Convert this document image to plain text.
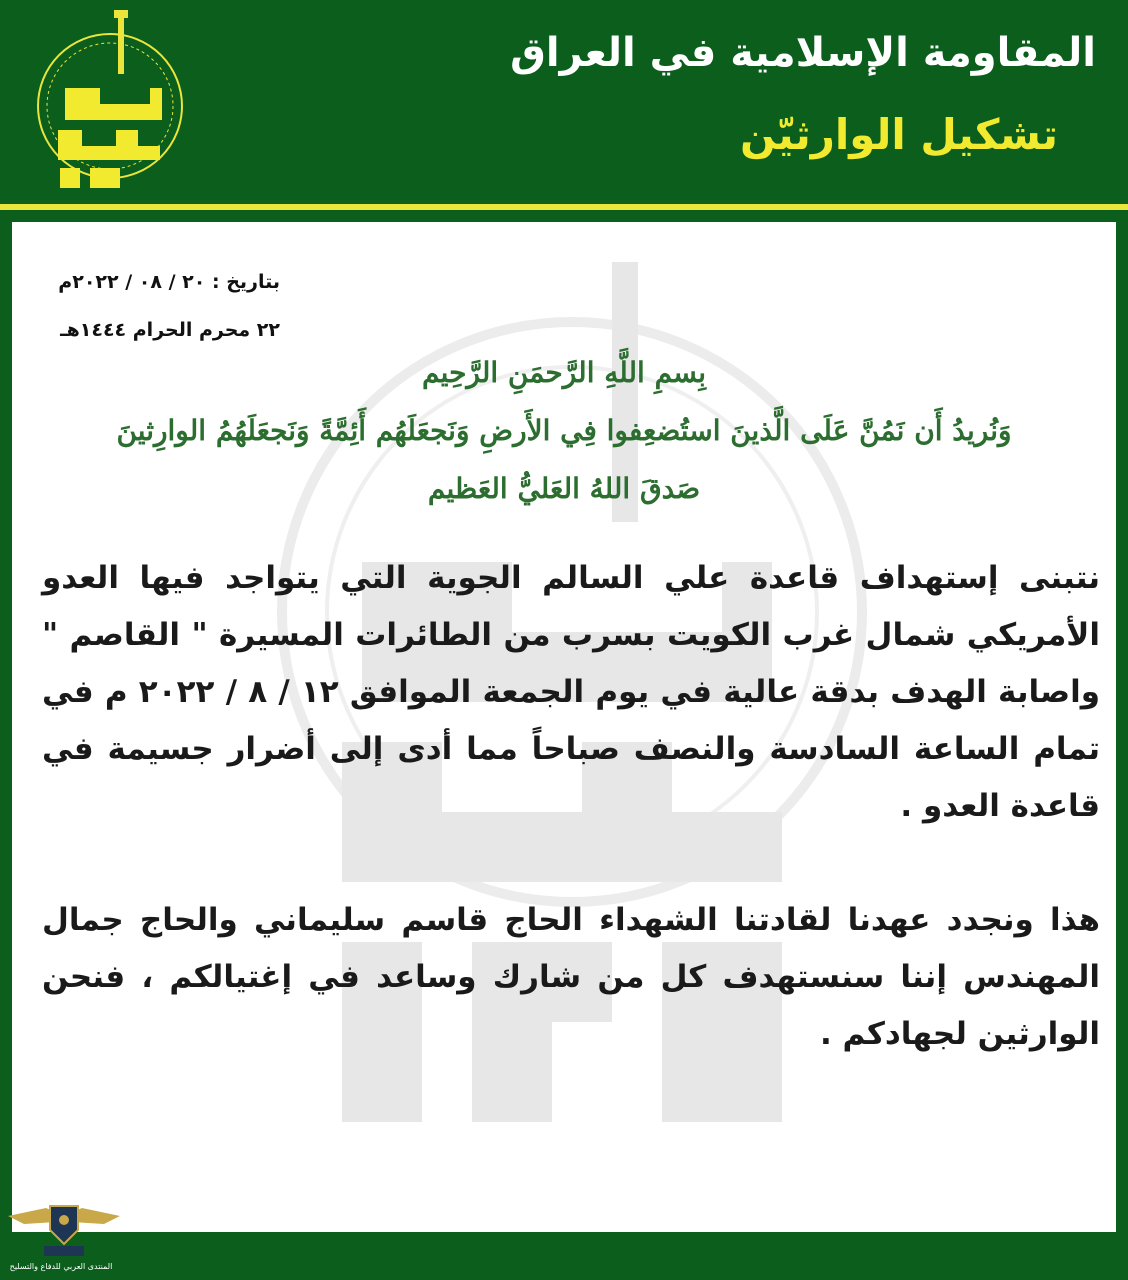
المقاومة الإسلامية في العراق
تشكيل الوارثيّن
بتاريخ : ٢٠ / ٠٨ / ٢٠٢٢م
٢٢ محرم الحرام ١٤٤٤هـ
بِسمِ اللَّهِ الرَّحمَنِ الرَّحِيم
وَنُريدُ أَن نَمُنَّ عَلَى الَّذينَ استُضعِفوا فِي الأَرضِ وَنَجعَلَهُم أَئِمَّةً وَنَجعَلَهُمُ الوارِثينَ
صَدقَ اللهُ العَليُّ العَظيم
نتبنى إستهداف قاعدة علي السالم الجوية التي يتواجد فيها العدو الأمريكي شمال غرب الكويت بسرب من الطائرات المسيرة " القاصم " واصابة الهدف بدقة عالية في يوم الجمعة الموافق ١٢ / ٨ / ٢٠٢٢ م في تمام الساعة السادسة والنصف صباحاً مما أدى إلى أضرار جسيمة في قاعدة العدو .
هذا ونجدد عهدنا لقادتنا الشهداء الحاج قاسم سليماني والحاج جمال المهندس إننا سنستهدف كل من شارك وساعد في إغتيالكم ، فنحن الوارثين لجهادكم .
المنتدى العربي للدفاع والتسليح
